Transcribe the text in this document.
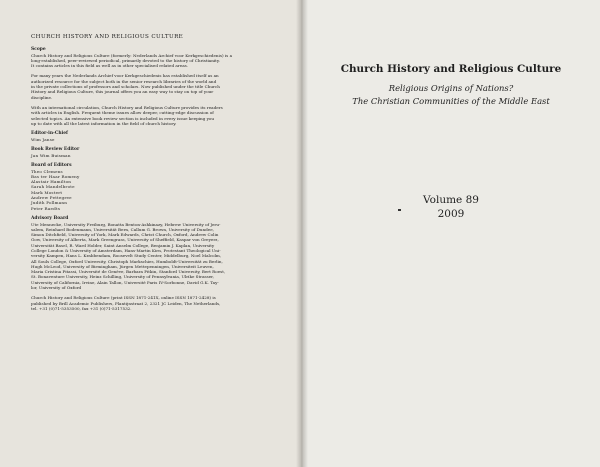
CHURCH HISTORY AND RELIGIOUS CULTURE

Scope

Church History and Religious Culture (formerly: Nederlands Archief voor Kerkgeschiedenis) is a

long-established, peer-reviewed periodical, primarily devoted to the history of Christianity.

It contains articles in this field as well as in other specialised related areas.

For many years the Nederlands Archief voor Kerkgeschiedenis has established itself as an

authorized resource for the subject both in the senior research libraries of the world and

in the private collections of professors and scholars. Now published under the title Church

History and Religious Culture, this journal offers you an easy way to stay on top of your

discipline.

With an international circulation, Church History and Religious Culture provides its readers

with articles in English. Frequent theme issues allow deeper, cutting-edge discussion of

selected topics. An extensive book review section is included in every issue keeping you

up to date with all the latest information in the field of church history.

Editor-in-Chief

Wim Janse

Book Review Editor

Jan Wim Buisman

Board of Editors

Theo Clemens

Bas ter Haar Romeny

Alastair Hamilton

Sarah Mandelbrote

Mark Mostert

Andrew Pettegree

Judith Pollmann

Peter Raedts

Advisory Board

Ute Mennecke, University Freiburg, Bonatta Benton-Ashkinazy, Hebrew University of Jeru-

salem, Reinhard Bodenmann, Universität Bern, Callum G. Brown, University of Dundee,

Simon Ditchfield, University of York, Mark Edwards, Christ Church, Oxford, Andrew Colin

Gow, University of Alberta, Mark Greengrass, University of Sheffield, Kaspar von Greyerz,

Universität Basel, R. Ward Holder, Saint Anselm College, Benjamin J. Kaplan, University

College London & University of Amsterdam, Hans-Martin Kirn, Protestant Theological Uni-

versity Kampen, Hans L. Krabbendam, Roosevelt Study Center, Middelburg, Noel Malcolm,

All Souls College, Oxford University, Christoph Markschies, Humboldt-Universität zu Berlin,

Hugh McLeod, University of Birmingham, Jürgen Mettepenningen, Universiteit Leuven,

Maria Cristina Pitassi, Université de Genève, Barbara Pitkin, Stanford University, Bert Roest,

St. Bonaventure University, Heinz Schilling, University of Pennsylvania, Ulrike Strasser,

University of California, Irvine, Alain Tallon, Université Paris IV-Sorbonne, David G.K. Tay-

lor, University of Oxford

Church History and Religious Culture (print ISSN 1871-241X, online ISSN 1871-2428) is

published by Brill Academic Publishers, Plantijnstraat 2, 2321 JC Leiden, The Netherlands,

tel. +31 (0)71-5353500, fax +31 (0)71-5317532.

Church History and Religious Culture

Religious Origins of Nations?

The Christian Communities of the Middle East

Volume 89

2009
